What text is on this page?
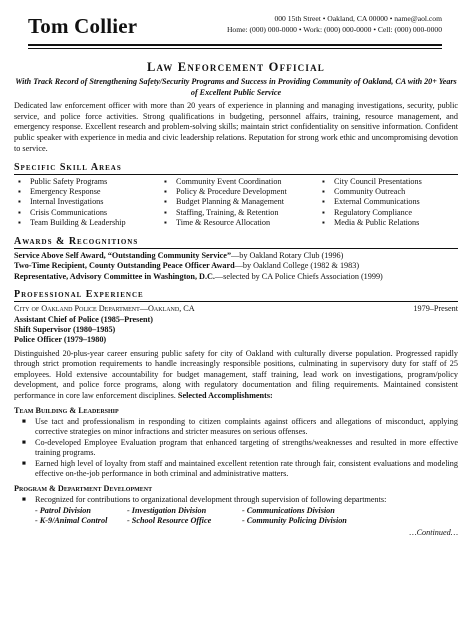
Tom Collier	000 15th Street • Oakland, CA 00000 • name@aol.com
Home: (000) 000-0000 • Work: (000) 000-0000 • Cell: (000) 000-0000
Law Enforcement Official
With Track Record of Strengthening Safety/Security Programs and Success in Providing Community of Oakland, CA with 20+ Years of Excellent Public Service

Dedicated law enforcement officer with more than 20 years of experience in planning and managing investigations, security, public service, and police force activities. Strong qualifications in budgeting, personnel affairs, training, resource management, and emergency response. Excellent research and problem-solving skills; maintain strict confidentiality on sensitive information. Confident public speaker with experience in media and civic leadership relations. Reputation for strong work ethic and uncompromising devotion to service.

Specific Skill Areas
▪ Public Safety Programs
▪ Emergency Response
▪ Internal Investigations
▪ Crisis Communications
▪ Team Building & Leadership
▪ Community Event Coordination
▪ Policy & Procedure Development
▪ Budget Planning & Management
▪ Staffing, Training, & Retention
▪ Time & Resource Allocation
▪ City Council Presentations
▪ Community Outreach
▪ External Communications
▪ Regulatory Compliance
▪ Media & Public Relations
Awards & Recognitions
Service Above Self Award, “Outstanding Community Service”—by Oakland Rotary Club (1996)
Two-Time Recipient, County Outstanding Peace Officer Award—by Oakland College (1982 & 1983)
Representative, Advisory Committee in Washington, D.C.—selected by CA Police Chiefs Association (1999)
Professional Experience
City of Oakland Police Department—Oakland, CA	1979–Present
Assistant Chief of Police (1985–Present)
Shift Supervisor (1980–1985)
Police Officer (1979–1980)

Distinguished 20-plus-year career ensuring public safety for city of Oakland with culturally diverse population. Progressed rapidly through strict promotion requirements to handle increasingly responsible positions, culminating in supervisory duty for staff of 25 employees. Hold extensive accountability for budget management, staff training, lead work on investigations, program/policy development, and police force programs, along with regulatory documentation and filing requirements. Maintained consistent performance in core law enforcement disciplines. Selected Accomplishments:

Team Building & Leadership
■ Use tact and professionalism in responding to citizen complaints against officers and allegations of misconduct, applying corrective strategies on minor infractions and stricter measures on serious offenses.
■ Co-developed Employee Evaluation program that enhanced targeting of strengths/weaknesses and resulted in more effective training programs.
■ Earned high level of loyalty from staff and maintained excellent retention rate through fair, consistent evaluations and modeling effective on-the-job performance in both criminal and administrative matters.
Program & Department Development
■ Recognized for contributions to organizational development through supervision of following departments:
- Patrol Division
- K-9/Animal Control
- Investigation Division
- School Resource Office
- Communications Division
- Community Policing Division
…Continued…
